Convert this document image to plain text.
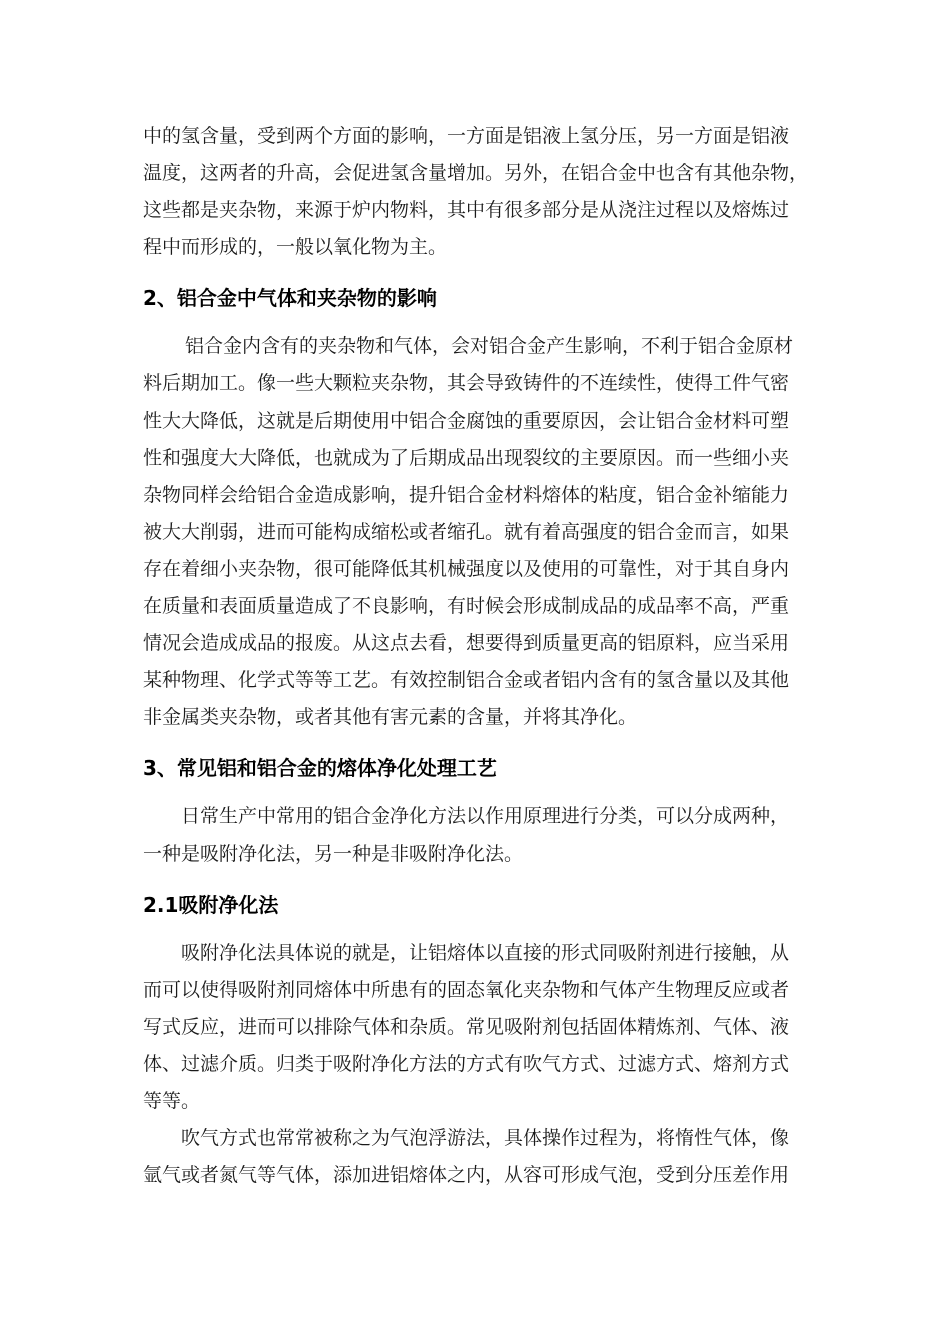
中的氢含量，受到两个方面的影响，一方面是铝液上氢分压，另一方面是铝液
温度，这两者的升高，会促进氢含量增加。另外，在铝合金中也含有其他杂物，
这些都是夹杂物，来源于炉内物料，其中有很多部分是从浇注过程以及熔炼过
程中而形成的，一般以氧化物为主。
2、铝合金中气体和夹杂物的影响
铝合金内含有的夹杂物和气体，会对铝合金产生影响，不利于铝合金原材
料后期加工。像一些大颗粒夹杂物，其会导致铸件的不连续性，使得工件气密
性大大降低，这就是后期使用中铝合金腐蚀的重要原因，会让铝合金材料可塑
性和强度大大降低，也就成为了后期成品出现裂纹的主要原因。而一些细小夹
杂物同样会给铝合金造成影响，提升铝合金材料熔体的粘度，铝合金补缩能力
被大大削弱，进而可能构成缩松或者缩孔。就有着高强度的铝合金而言，如果
存在着细小夹杂物，很可能降低其机械强度以及使用的可靠性，对于其自身内
在质量和表面质量造成了不良影响，有时候会形成制成品的成品率不高，严重
情况会造成成品的报废。从这点去看，想要得到质量更高的铝原料，应当采用
某种物理、化学式等等工艺。有效控制铝合金或者铝内含有的氢含量以及其他
非金属类夹杂物，或者其他有害元素的含量，并将其净化。
3、常见铝和铝合金的熔体净化处理工艺
日常生产中常用的铝合金净化方法以作用原理进行分类，可以分成两种，
一种是吸附净化法，另一种是非吸附净化法。
2.1吸附净化法
吸附净化法具体说的就是，让铝熔体以直接的形式同吸附剂进行接触，从
而可以使得吸附剂同熔体中所患有的固态氧化夹杂物和气体产生物理反应或者
写式反应，进而可以排除气体和杂质。常见吸附剂包括固体精炼剂、气体、液
体、过滤介质。归类于吸附净化方法的方式有吹气方式、过滤方式、熔剂方式
等等。
吹气方式也常常被称之为气泡浮游法，具体操作过程为，将惰性气体，像
氩气或者氮气等气体，添加进铝熔体之内，从容可形成气泡，受到分压差作用
